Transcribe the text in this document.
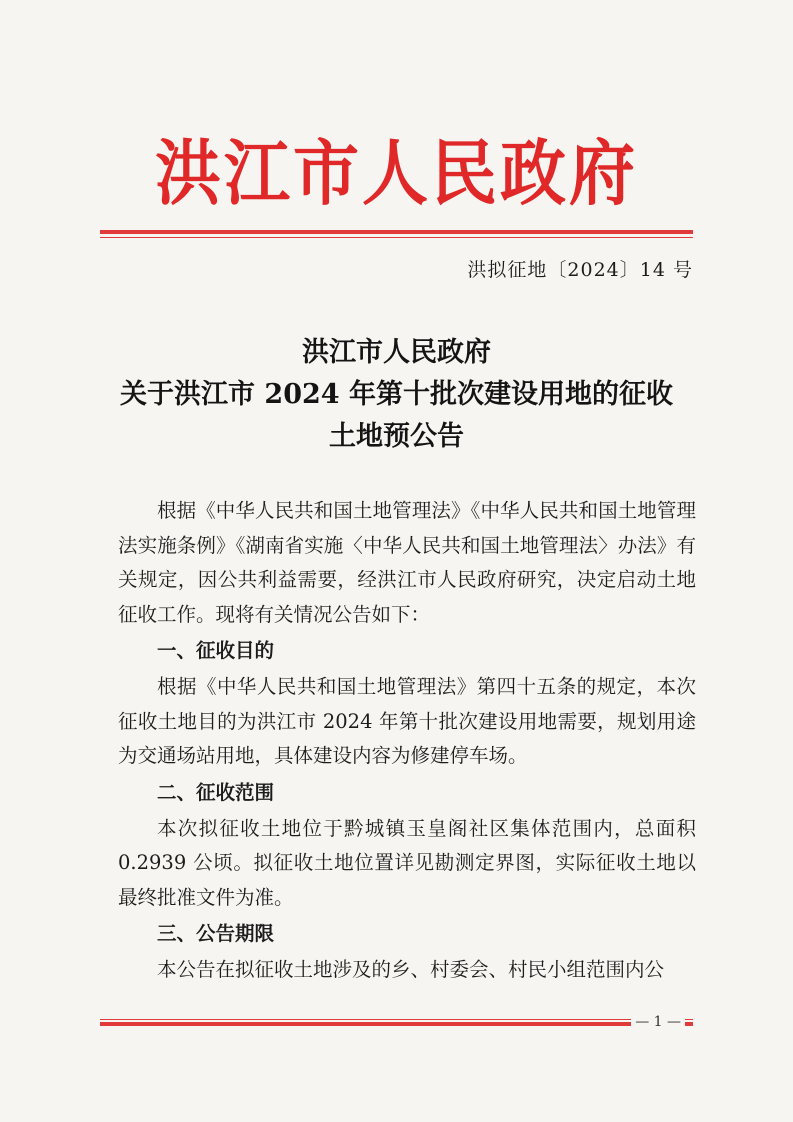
洪江市人民政府
洪拟征地〔2024〕14 号
洪江市人民政府
关于洪江市 2024 年第十批次建设用地的征收
土地预公告

根据《中华人民共和国土地管理法》《中华人民共和国土地管理法实施条例》《湖南省实施〈中华人民共和国土地管理法〉办法》有关规定，因公共利益需要，经洪江市人民政府研究，决定启动土地征收工作。现将有关情况公告如下：

一、征收目的

根据《中华人民共和国土地管理法》第四十五条的规定，本次征收土地目的为洪江市 2024 年第十批次建设用地需要，规划用途为交通场站用地，具体建设内容为修建停车场。

二、征收范围

本次拟征收土地位于黔城镇玉皇阁社区集体范围内，总面积 0.2939 公顷。拟征收土地位置详见勘测定界图，实际征收土地以最终批准文件为准。

三、公告期限

本公告在拟征收土地涉及的乡、村委会、村民小组范围内公

— 1 —
